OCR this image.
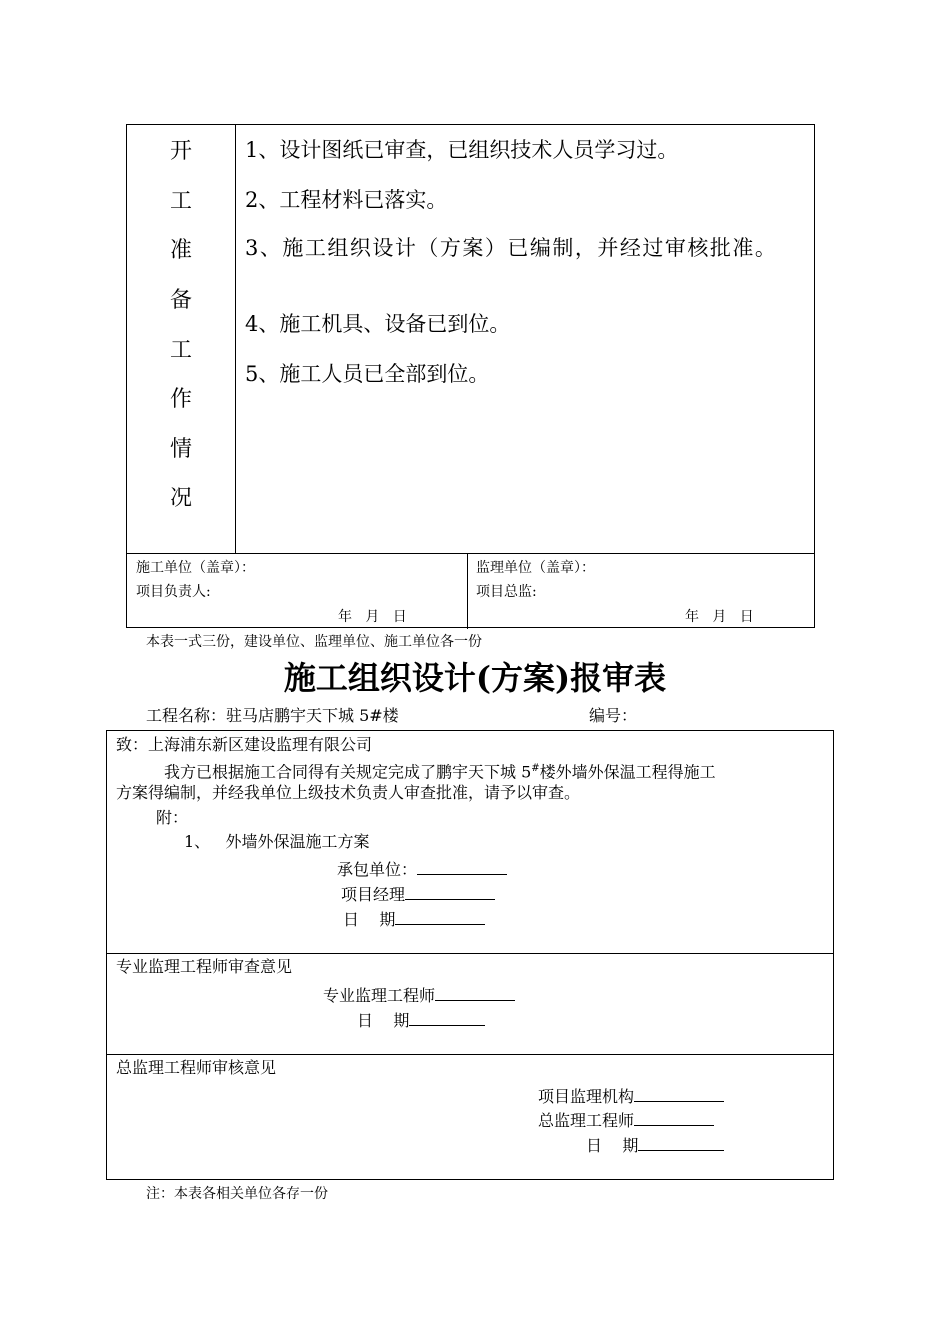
开
工
准
备
工
作
情
况
1、设计图纸已审查，已组织技术人员学习过。
2、工程材料已落实。
3、施工组织设计（方案）已编制，并经过审核批准。
4、施工机具、设备已到位。
5、施工人员已全部到位。
施工单位（盖章）：
项目负责人:
年   月   日
监理单位（盖章）：
项目总监:
年   月   日
本表一式三份，建设单位、监理单位、施工单位各一份
施工组织设计(方案)报审表
工程名称：驻马店鹏宇天下城 5#楼	编号：
致：上海浦东新区建设监理有限公司
我方已根据施工合同得有关规定完成了鹏宇天下城 5#楼外墙外保温工程得施工
方案得编制，并经我单位上级技术负责人审查批准，请予以审查。
附：
1、   外墙外保温施工方案
承包单位：
项目经理
日    期
专业监理工程师审查意见
专业监理工程师
日    期
总监理工程师审核意见
项目监理机构
总监理工程师
日    期
注：本表各相关单位各存一份
